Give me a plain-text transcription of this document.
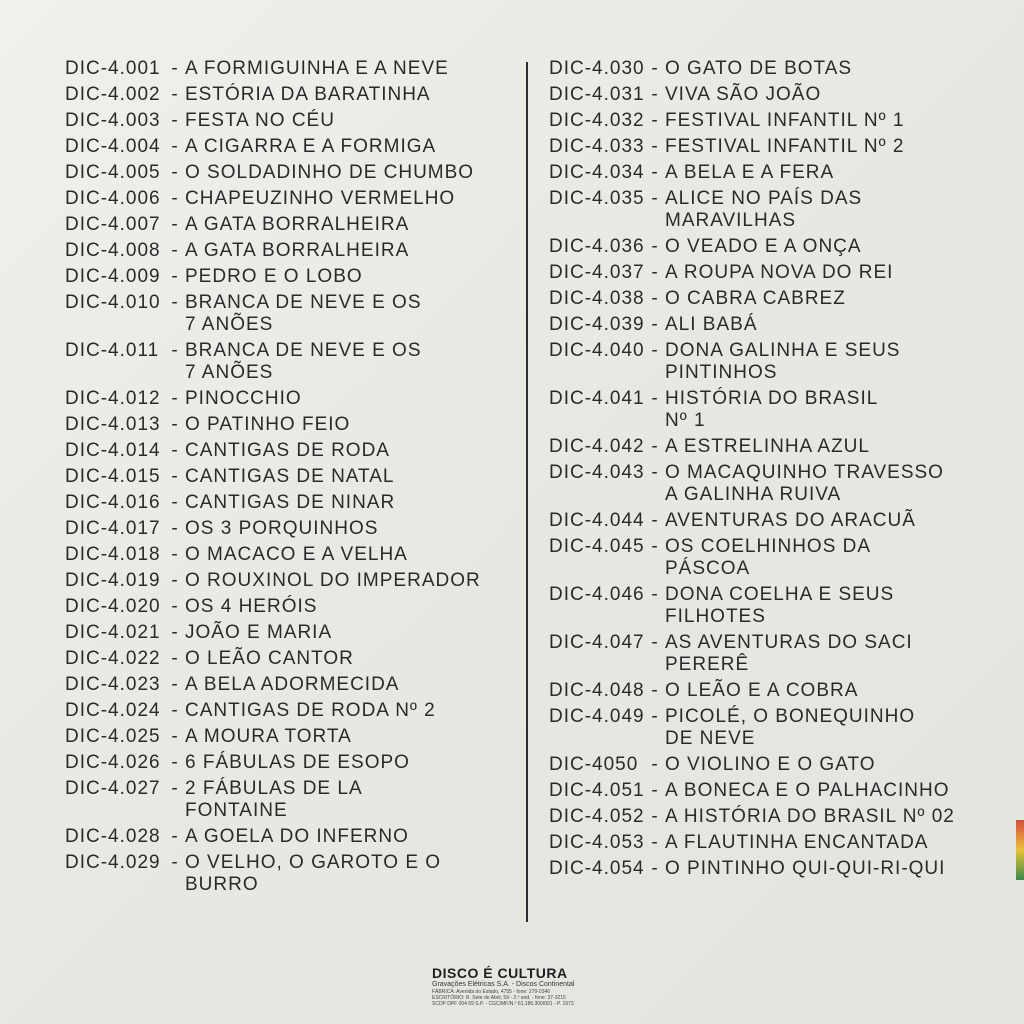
DIC-4.001 - A FORMIGUINHA E A NEVE
DIC-4.002 - ESTÓRIA DA BARATINHA
DIC-4.003 - FESTA NO CÉU
DIC-4.004 - A CIGARRA E A FORMIGA
DIC-4.005 - O SOLDADINHO DE CHUMBO
DIC-4.006 - CHAPEUZINHO VERMELHO
DIC-4.007 - A GATA BORRALHEIRA
DIC-4.008 - A GATA BORRALHEIRA
DIC-4.009 - PEDRO E O LOBO
DIC-4.010 - BRANCA DE NEVE E OS
7 ANÕES
DIC-4.011 - BRANCA DE NEVE E OS
7 ANÕES
DIC-4.012 - PINOCCHIO
DIC-4.013 - O PATINHO FEIO
DIC-4.014 - CANTIGAS DE RODA
DIC-4.015 - CANTIGAS DE NATAL
DIC-4.016 - CANTIGAS DE NINAR
DIC-4.017 - OS 3 PORQUINHOS
DIC-4.018 - O MACACO E A VELHA
DIC-4.019 - O ROUXINOL DO IMPERADOR
DIC-4.020 - OS 4 HERÓIS
DIC-4.021 - JOÃO E MARIA
DIC-4.022 - O LEÃO CANTOR
DIC-4.023 - A BELA ADORMECIDA
DIC-4.024 - CANTIGAS DE RODA Nº 2
DIC-4.025 - A MOURA TORTA
DIC-4.026 - 6 FÁBULAS DE ESOPO
DIC-4.027 - 2 FÁBULAS DE LA
FONTAINE
DIC-4.028 - A GOELA DO INFERNO
DIC-4.029 - O VELHO, O GAROTO E O
BURRO
DIC-4.030 - O GATO DE BOTAS
DIC-4.031 - VIVA SÃO JOÃO
DIC-4.032 - FESTIVAL INFANTIL Nº 1
DIC-4.033 - FESTIVAL INFANTIL Nº 2
DIC-4.034 - A BELA E A FERA
DIC-4.035 - ALICE NO PAÍS DAS
MARAVILHAS
DIC-4.036 - O VEADO E A ONÇA
DIC-4.037 - A ROUPA NOVA DO REI
DIC-4.038 - O CABRA CABREZ
DIC-4.039 - ALI BABÁ
DIC-4.040 - DONA GALINHA E SEUS
PINTINHOS
DIC-4.041 - HISTÓRIA DO BRASIL
Nº 1
DIC-4.042 - A ESTRELINHA AZUL
DIC-4.043 - O MACAQUINHO TRAVESSO
A GALINHA RUIVA
DIC-4.044 - AVENTURAS DO ARACUÃ
DIC-4.045 - OS COELHINHOS DA
PÁSCOA
DIC-4.046 - DONA COELHA E SEUS
FILHOTES
DIC-4.047 - AS AVENTURAS DO SACI
PERERÊ
DIC-4.048 - O LEÃO E A COBRA
DIC-4.049 - PICOLÉ, O BONEQUINHO
DE NEVE
DIC-4050 - O VIOLINO E O GATO
DIC-4.051 - A BONECA E O PALHACINHO
DIC-4.052 - A HISTÓRIA DO BRASIL Nº 02
DIC-4.053 - A FLAUTINHA ENCANTADA
DIC-4.054 - O PINTINHO QUI-QUI-RI-QUI
DISCO É CULTURA
Gravações Elétricas S.A. - Discos Continental
FÁBRICA: Avenida do Estado, 4755 - fone: 279-0346
ESCRITÓRIO: R. Sete de Abril, 59 - 2.º and. - fone: 37-3215
SCDP DPF 004 69 S.P. - CGC/MF/N.º 61.186.300/001 - P. 1973
